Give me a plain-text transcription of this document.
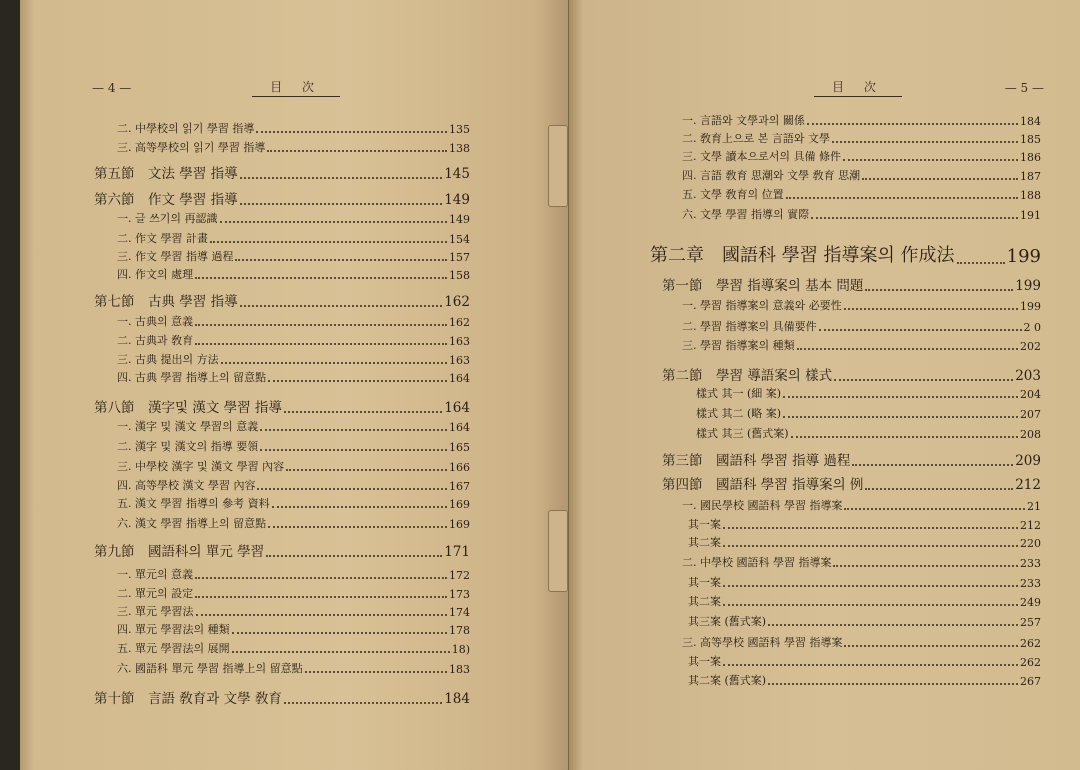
— 4 —	目 次
二. 中學校의 읽기 學習 指導	135
三. 高等學校의 읽기 學習 指導	138
第五節　文法 學習 指導	145
第六節　作文 學習 指導	149
一. 글 쓰기의 再認識	149
二. 作文 學習 計畫	154
三. 作文 學習 指導 過程	157
四. 作文의 處理	158
第七節　古典 學習 指導	162
一. 古典의 意義	162
二. 古典과 敎育	163
三. 古典 提出의 方法	163
四. 古典 學習 指導上의 留意點	164
第八節　漢字및 漢文 學習 指導	164
一. 漢字 및 漢文 學習의 意義	164
二. 漢字 및 漢文의 指導 要領	165
三. 中學校 漢字 및 漢文 學習 內容	166
四. 高等學校 漢文 學習 內容	167
五. 漢文 學習 指導의 參考 資料	169
六. 漢文 學習 指導上의 留意點	169
第九節　國語科의 單元 學習	171
一. 單元의 意義	172
二. 單元의 設定	173
三. 單元 學習法	174
四. 單元 學習法의 種類	178
五. 單元 學習法의 展開	18)
六. 國語科 單元 學習 指導上의 留意點	183
第十節　言語 敎育과 文學 敎育	184
目 次	— 5 —
一. 言語와 文學과의 關係	184
二. 敎育上으로 본 言語와 文學	185
三. 文學 讀本으로서의 具備 條件	186
四. 言語 敎育 思潮와 文學 敎育 思潮	187
五. 文學 敎育의 位置	188
六. 文學 學習 指導의 實際	191
第二章　國語科 學習 指導案의 作成法	199
第一節　學習 指導案의 基本 問題	199
一. 學習 指導案의 意義와 必要性	199
二. 學習 指導案의 具備要件	2 0
三. 學習 指導案의 種類	202
第二節　學習 導語案의 樣式	203
樣式 其一 (細 案)	204
樣式 其二 (略 案)	207
樣式 其三 (舊式案)	208
第三節　國語科 學習 指導 過程	209
第四節　國語科 學習 指導案의 例	212
一. 國民學校 國語科 學習 指導案	21
其一案	212
其二案	220
二. 中學校 國語科 學習 指導案	233
其一案	233
其二案	249
其三案 (舊式案)	257
三. 高等學校 國語科 學習 指導案	262
其一案	262
其二案 (舊式案)	267
